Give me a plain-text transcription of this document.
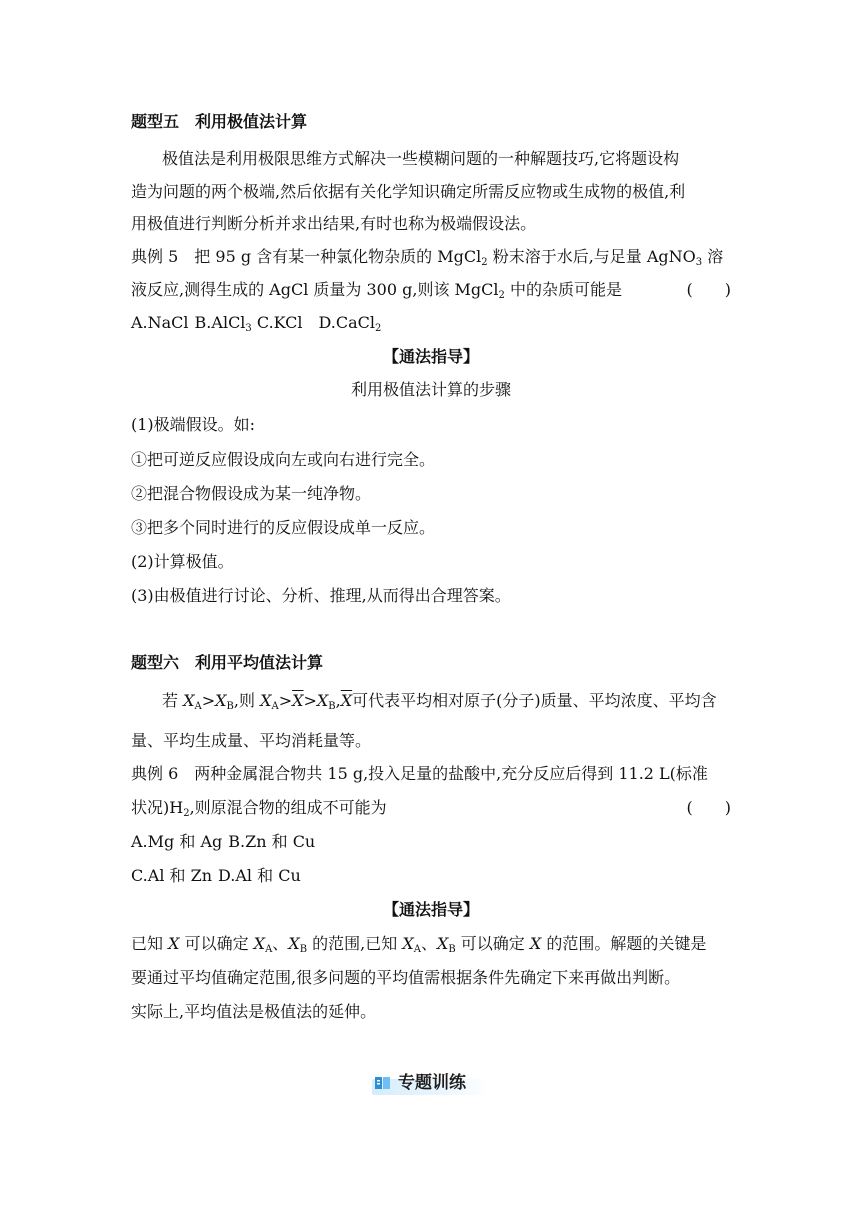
题型五　利用极值法计算
极值法是利用极限思维方式解决一些模糊问题的一种解题技巧,它将题设构
造为问题的两个极端,然后依据有关化学知识确定所需反应物或生成物的极值,利
用极值进行判断分析并求出结果,有时也称为极端假设法。
典例 5　 把 95 g 含有某一种氯化物杂质的 MgCl$_2$ 粉末溶于水后,与足量 AgNO$_3$ 溶
液反应,测得生成的 AgCl 质量为 300 g,则该 MgCl$_2$ 中的杂质可能是	(　　)
A.NaCl B.AlCl$_3$ C.KCl　 D.CaCl$_2$
【通法指导】
利用极值法计算的步骤
(1)极端假设。如:
①把可逆反应假设成向左或向右进行完全。
②把混合物假设成为某一纯净物。
③把多个同时进行的反应假设成单一反应。
(2)计算极值。
(3)由极值进行讨论、分析、推理,从而得出合理答案。
题型六　利用平均值法计算
若 $X_A>X_B$,则 $X_A>\overline{X}>X_B,\overline{X}$可代表平均相对原子(分子)质量、平均浓度、平均含
量、平均生成量、平均消耗量等。
典例 6　 两种金属混合物共 15 g,投入足量的盐酸中,充分反应后得到 11.2 L(标准
状况)$H_2$,则原混合物的组成不可能为	(　　)
A.Mg 和 Ag B.Zn 和 Cu
C.Al 和 Zn D.Al 和 Cu
【通法指导】
已知 X 可以确定 $X_A$、$X_B$ 的范围,已知 $X_A$、$X_B$ 可以确定 X 的范围。解题的关键是
要通过平均值确定范围,很多问题的平均值需根据条件先确定下来再做出判断。
实际上,平均值法是极值法的延伸。
专题训练
